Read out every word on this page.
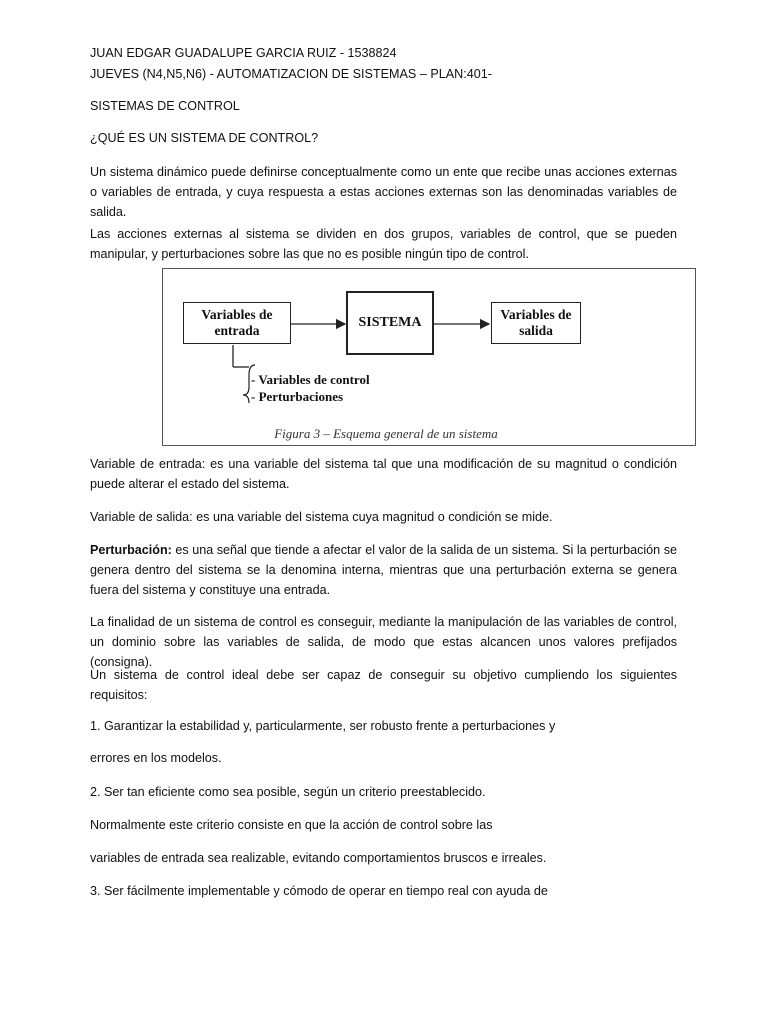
JUAN EDGAR GUADALUPE GARCIA RUIZ - 1538824
JUEVES (N4,N5,N6) - AUTOMATIZACION DE SISTEMAS – PLAN:401-
SISTEMAS DE CONTROL
¿QUÉ ES UN SISTEMA DE CONTROL?
Un sistema dinámico puede definirse conceptualmente como un ente que recibe unas acciones externas o variables de entrada, y cuya respuesta a estas acciones externas son las denominadas variables de salida.
Las acciones externas al sistema se dividen en dos grupos, variables de control, que se pueden manipular, y perturbaciones sobre las que no es posible ningún tipo de control.
Variables de entrada
SISTEMA
Variables de salida
- Variables de control
- Perturbaciones
Figura 3 – Esquema general de un sistema
Variable de entrada: es una variable del sistema tal que una modificación de su magnitud o condición puede alterar el estado del sistema.
Variable de salida: es una variable del sistema cuya magnitud o condición se mide.
Perturbación: es una señal que tiende a afectar el valor de la salida de un sistema. Si la perturbación se genera dentro del sistema se la denomina interna, mientras que una perturbación externa se genera fuera del sistema y constituye una entrada.
La finalidad de un sistema de control es conseguir, mediante la manipulación de las variables de control, un dominio sobre las variables de salida, de modo que estas alcancen unos valores prefijados (consigna).
Un sistema de control ideal debe ser capaz de conseguir su objetivo cumpliendo los siguientes requisitos:
1. Garantizar la estabilidad y, particularmente, ser robusto frente a perturbaciones y
errores en los modelos.
2. Ser tan eficiente como sea posible, según un criterio preestablecido.
Normalmente este criterio consiste en que la acción de control sobre las
variables de entrada sea realizable, evitando comportamientos bruscos e irreales.
3. Ser fácilmente implementable y cómodo de operar en tiempo real con ayuda de
